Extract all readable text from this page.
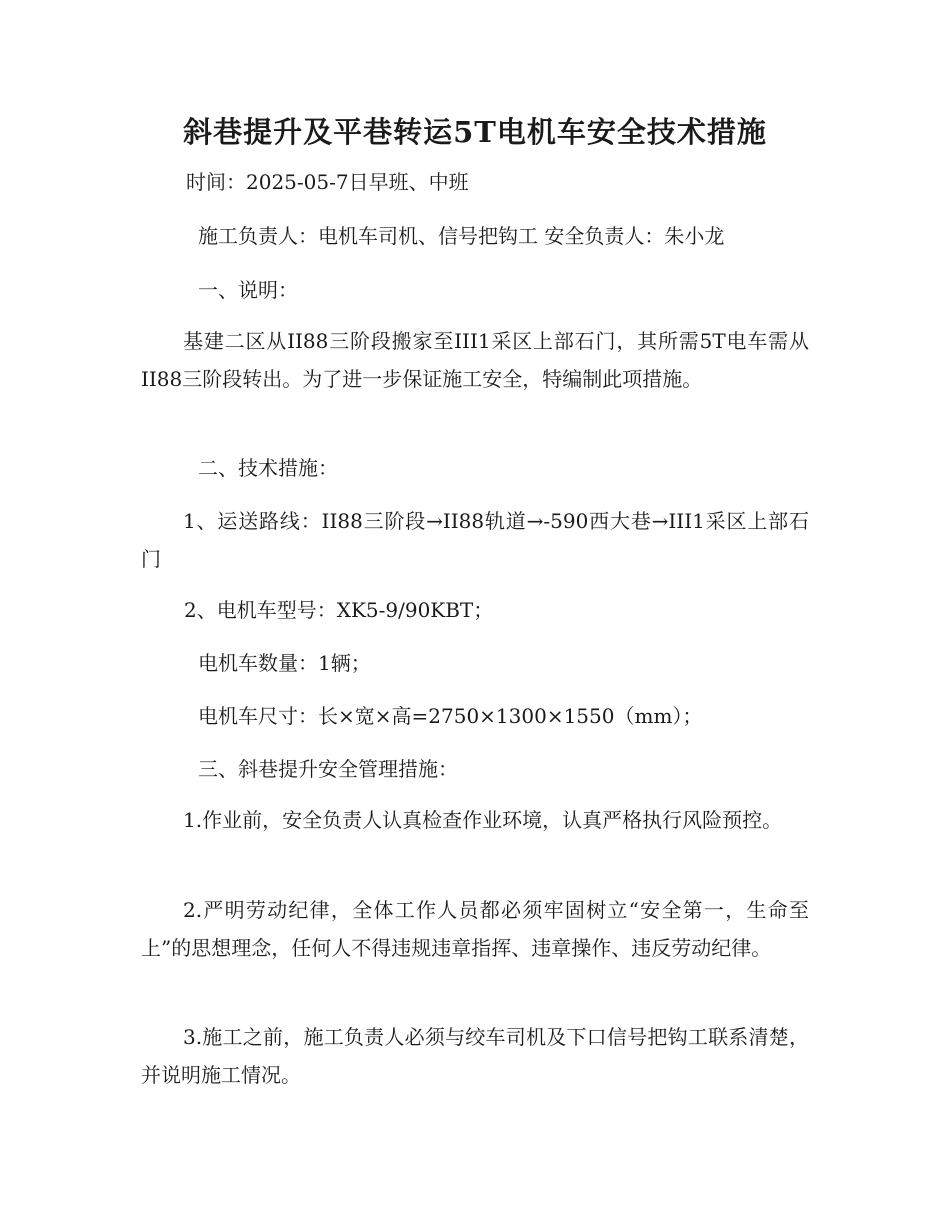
斜巷提升及平巷转运5T电机车安全技术措施
时间：2025-05-7日早班、中班
施工负责人：电机车司机、信号把钩工 安全负责人：朱小龙
一、说明：
基建二区从II88三阶段搬家至III1采区上部石门，其所需5T电车需从II88三阶段转出。为了进一步保证施工安全，特编制此项措施。
二、技术措施：
1、运送路线：II88三阶段→II88轨道→-590西大巷→III1采区上部石门
2、电机车型号：XK5-9/90KBT；
电机车数量：1辆；
电机车尺寸：长×宽×高=2750×1300×1550（mm）；
三、斜巷提升安全管理措施：
1.作业前，安全负责人认真检查作业环境，认真严格执行风险预控。
2.严明劳动纪律，全体工作人员都必须牢固树立“安全第一，生命至上”的思想理念，任何人不得违规违章指挥、违章操作、违反劳动纪律。
3.施工之前，施工负责人必须与绞车司机及下口信号把钩工联系清楚，并说明施工情况。
